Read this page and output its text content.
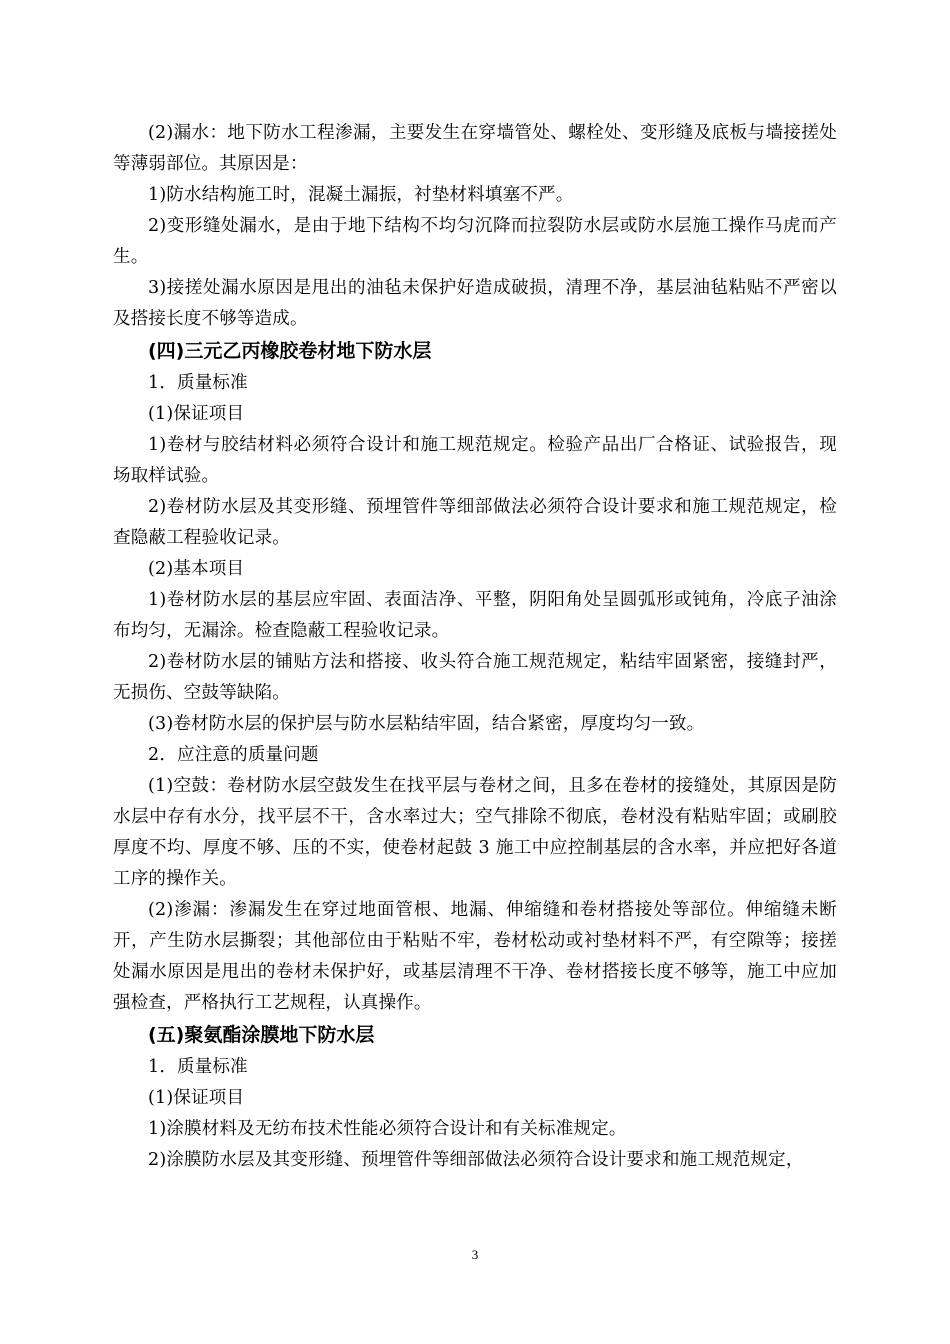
(2)漏水：地下防水工程渗漏，主要发生在穿墙管处、螺栓处、变形缝及底板与墙接搓处等薄弱部位。其原因是：

1)防水结构施工时，混凝土漏振，衬垫材料填塞不严。

2)变形缝处漏水，是由于地下结构不均匀沉降而拉裂防水层或防水层施工操作马虎而产生。

3)接搓处漏水原因是甩出的油毡未保护好造成破损，清理不净，基层油毡粘贴不严密以及搭接长度不够等造成。

(四)三元乙丙橡胶卷材地下防水层

1．质量标准

(1)保证项目

1)卷材与胶结材料必须符合设计和施工规范规定。检验产品出厂合格证、试验报告，现场取样试验。

2)卷材防水层及其变形缝、预埋管件等细部做法必须符合设计要求和施工规范规定，检查隐蔽工程验收记录。

(2)基本项目

1)卷材防水层的基层应牢固、表面洁净、平整，阴阳角处呈圆弧形或钝角，冷底子油涂布均匀，无漏涂。检查隐蔽工程验收记录。

2)卷材防水层的铺贴方法和搭接、收头符合施工规范规定，粘结牢固紧密，接缝封严，无损伤、空鼓等缺陷。

(3)卷材防水层的保护层与防水层粘结牢固，结合紧密，厚度均匀一致。

2．应注意的质量问题

(1)空鼓：卷材防水层空鼓发生在找平层与卷材之间，且多在卷材的接缝处，其原因是防水层中存有水分，找平层不干，含水率过大；空气排除不彻底，卷材没有粘贴牢固；或刷胶厚度不均、厚度不够、压的不实，使卷材起鼓 3 施工中应控制基层的含水率，并应把好各道工序的操作关。

(2)渗漏：渗漏发生在穿过地面管根、地漏、伸缩缝和卷材搭接处等部位。伸缩缝未断开，产生防水层撕裂；其他部位由于粘贴不牢，卷材松动或衬垫材料不严，有空隙等；接搓处漏水原因是甩出的卷材未保护好，或基层清理不干净、卷材搭接长度不够等，施工中应加强检查，严格执行工艺规程，认真操作。

(五)聚氨酯涂膜地下防水层

1．质量标准

(1)保证项目

1)涂膜材料及无纺布技术性能必须符合设计和有关标准规定。

2)涂膜防水层及其变形缝、预埋管件等细部做法必须符合设计要求和施工规范规定，

3
